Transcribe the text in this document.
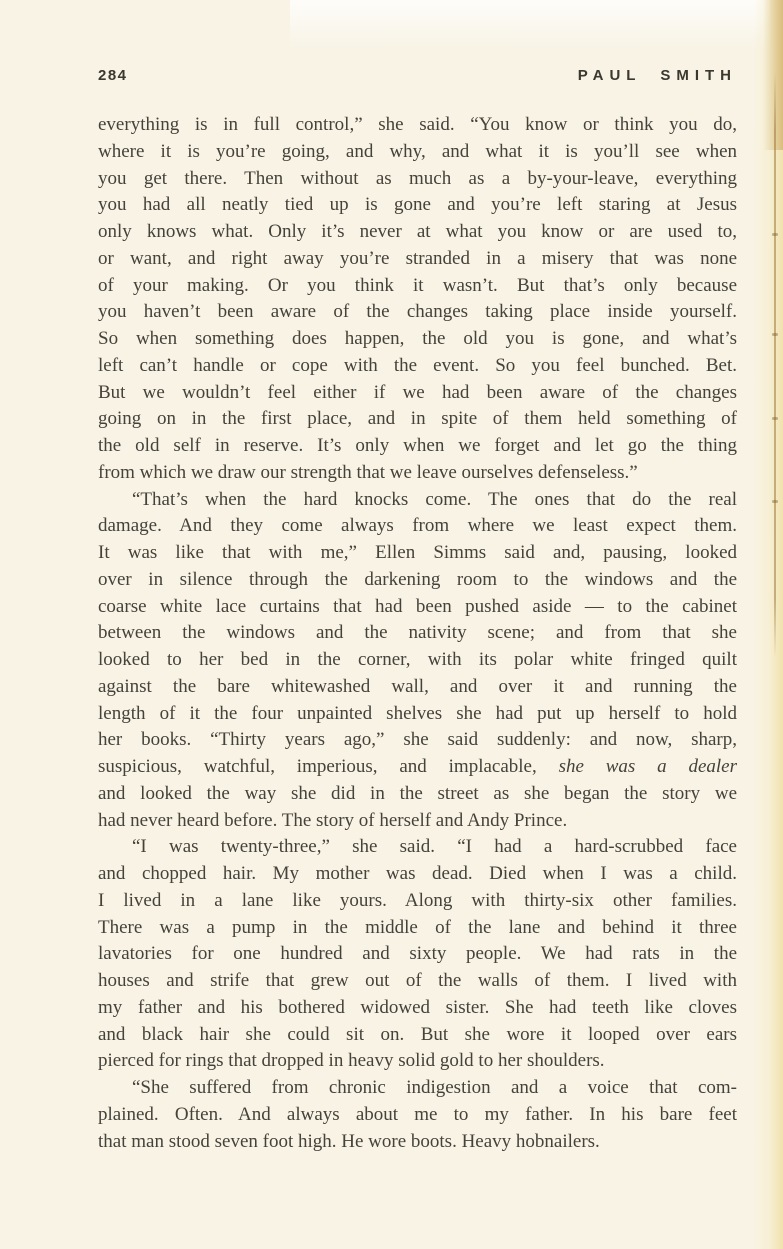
284	PAUL SMITH
everything is in full control,” she said. “You know or think you do,
where it is you’re going, and why, and what it is you’ll see when
you get there. Then without as much as a by-your-leave, everything
you had all neatly tied up is gone and you’re left staring at Jesus
only knows what. Only it’s never at what you know or are used to,
or want, and right away you’re stranded in a misery that was none
of your making. Or you think it wasn’t. But that’s only because
you haven’t been aware of the changes taking place inside yourself.
So when something does happen, the old you is gone, and what’s
left can’t handle or cope with the event. So you feel bunched. Bet.
But we wouldn’t feel either if we had been aware of the changes
going on in the first place, and in spite of them held something of
the old self in reserve. It’s only when we forget and let go the thing
from which we draw our strength that we leave ourselves defenseless.”
“That’s when the hard knocks come. The ones that do the real
damage. And they come always from where we least expect them.
It was like that with me,” Ellen Simms said and, pausing, looked
over in silence through the darkening room to the windows and the
coarse white lace curtains that had been pushed aside — to the cabinet
between the windows and the nativity scene; and from that she
looked to her bed in the corner, with its polar white fringed quilt
against the bare whitewashed wall, and over it and running the
length of it the four unpainted shelves she had put up herself to hold
her books. “Thirty years ago,” she said suddenly: and now, sharp,
suspicious, watchful, imperious, and implacable, she was a dealer
and looked the way she did in the street as she began the story we
had never heard before. The story of herself and Andy Prince.
“I was twenty-three,” she said. “I had a hard-scrubbed face
and chopped hair. My mother was dead. Died when I was a child.
I lived in a lane like yours. Along with thirty-six other families.
There was a pump in the middle of the lane and behind it three
lavatories for one hundred and sixty people. We had rats in the
houses and strife that grew out of the walls of them. I lived with
my father and his bothered widowed sister. She had teeth like cloves
and black hair she could sit on. But she wore it looped over ears
pierced for rings that dropped in heavy solid gold to her shoulders.
“She suffered from chronic indigestion and a voice that com-
plained. Often. And always about me to my father. In his bare feet
that man stood seven foot high. He wore boots. Heavy hobnailers.
